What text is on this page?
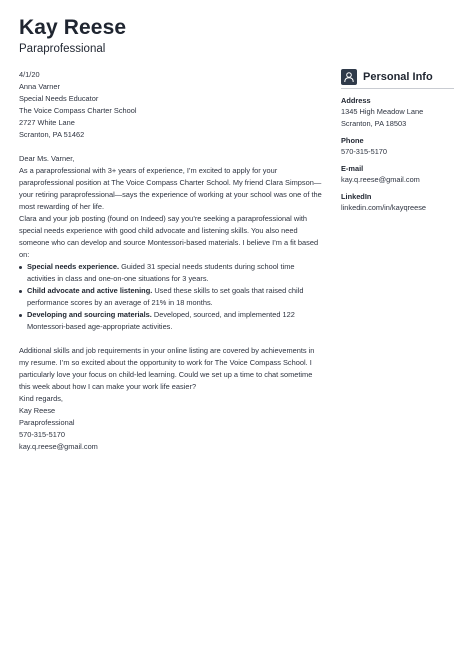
Kay Reese
Paraprofessional

4/1/20

Anna Varner

Special Needs Educator

The Voice Compass Charter School

2727 White Lane

Scranton, PA 51462

Dear Ms. Varner,

As a paraprofessional with 3+ years of experience, I’m excited to apply for your paraprofessional position at The Voice Compass Charter School. My friend Clara Simpson—your retiring paraprofessional—says the experience of working at your school was one of the most rewarding of her life.

Clara and your job posting (found on Indeed) say you’re seeking a paraprofessional with special needs experience with good child advocate and listening skills. You also need someone who can develop and source Montessori-based materials. I believe I’m a fit based on:

Special needs experience. Guided 31 special needs students during school time activities in class and one-on-one situations for 3 years.
Child advocate and active listening. Used these skills to set goals that raised child performance scores by an average of 21% in 18 months.
Developing and sourcing materials. Developed, sourced, and implemented 122 Montessori-based age-appropriate activities.

Additional skills and job requirements in your online listing are covered by achievements in my resume. I’m so excited about the opportunity to work for The Voice Compass School. I particularly love your focus on child-led learning. Could we set up a time to chat sometime this week about how I can make your work life easier?

Kind regards,

Kay Reese

Paraprofessional

570-315-5170

kay.q.reese@gmail.com

Personal Info
Address
1345 High Meadow Lane
Scranton, PA 18503
Phone
570-315-5170
E-mail
kay.q.reese@gmail.com
LinkedIn
linkedin.com/in/kayqreese
